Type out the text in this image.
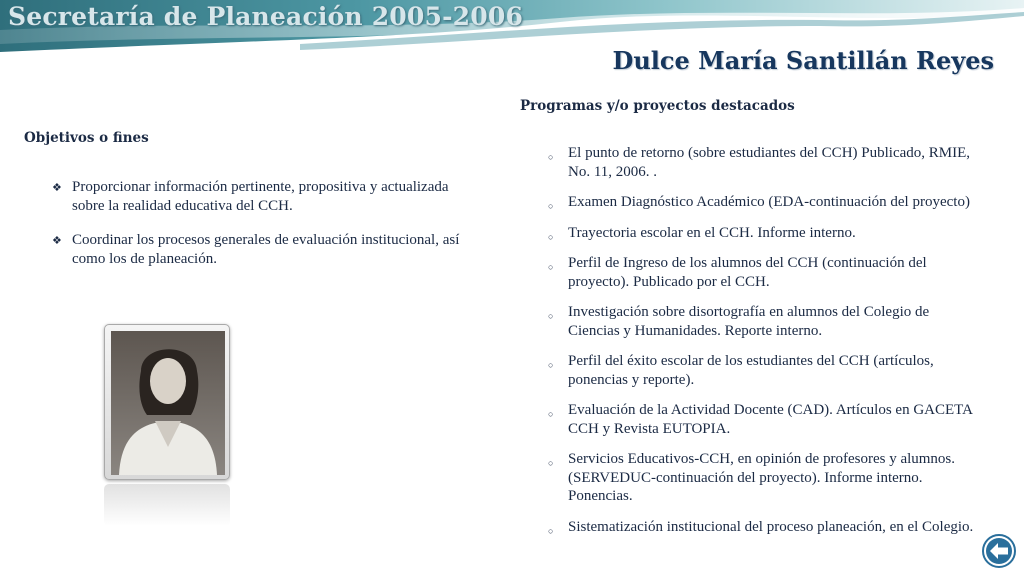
Secretaría de Planeación 2005-2006
Dulce María Santillán Reyes
Programas y/o proyectos destacados
Objetivos o fines
❖ Proporcionar información pertinente, propositiva y actualizada sobre la realidad educativa del CCH.
❖ Coordinar los procesos generales de evaluación institucional, así como los de planeación.
○ El punto de retorno (sobre estudiantes del CCH) Publicado, RMIE, No. 11, 2006. .
○ Examen Diagnóstico Académico (EDA-continuación del proyecto)
○ Trayectoria escolar en el CCH. Informe interno.
○ Perfil de Ingreso de los alumnos del CCH (continuación del proyecto). Publicado por el CCH.
○ Investigación sobre disortografía en alumnos del Colegio de Ciencias y Humanidades. Reporte interno.
○ Perfil del éxito escolar de los estudiantes del CCH (artículos, ponencias y reporte).
○ Evaluación de la Actividad Docente (CAD). Artículos en GACETA CCH y Revista EUTOPIA.
○ Servicios Educativos-CCH, en opinión de profesores y alumnos. (SERVEDUC-continuación del proyecto). Informe interno. Ponencias.
○ Sistematización institucional del proceso planeación, en el Colegio.
